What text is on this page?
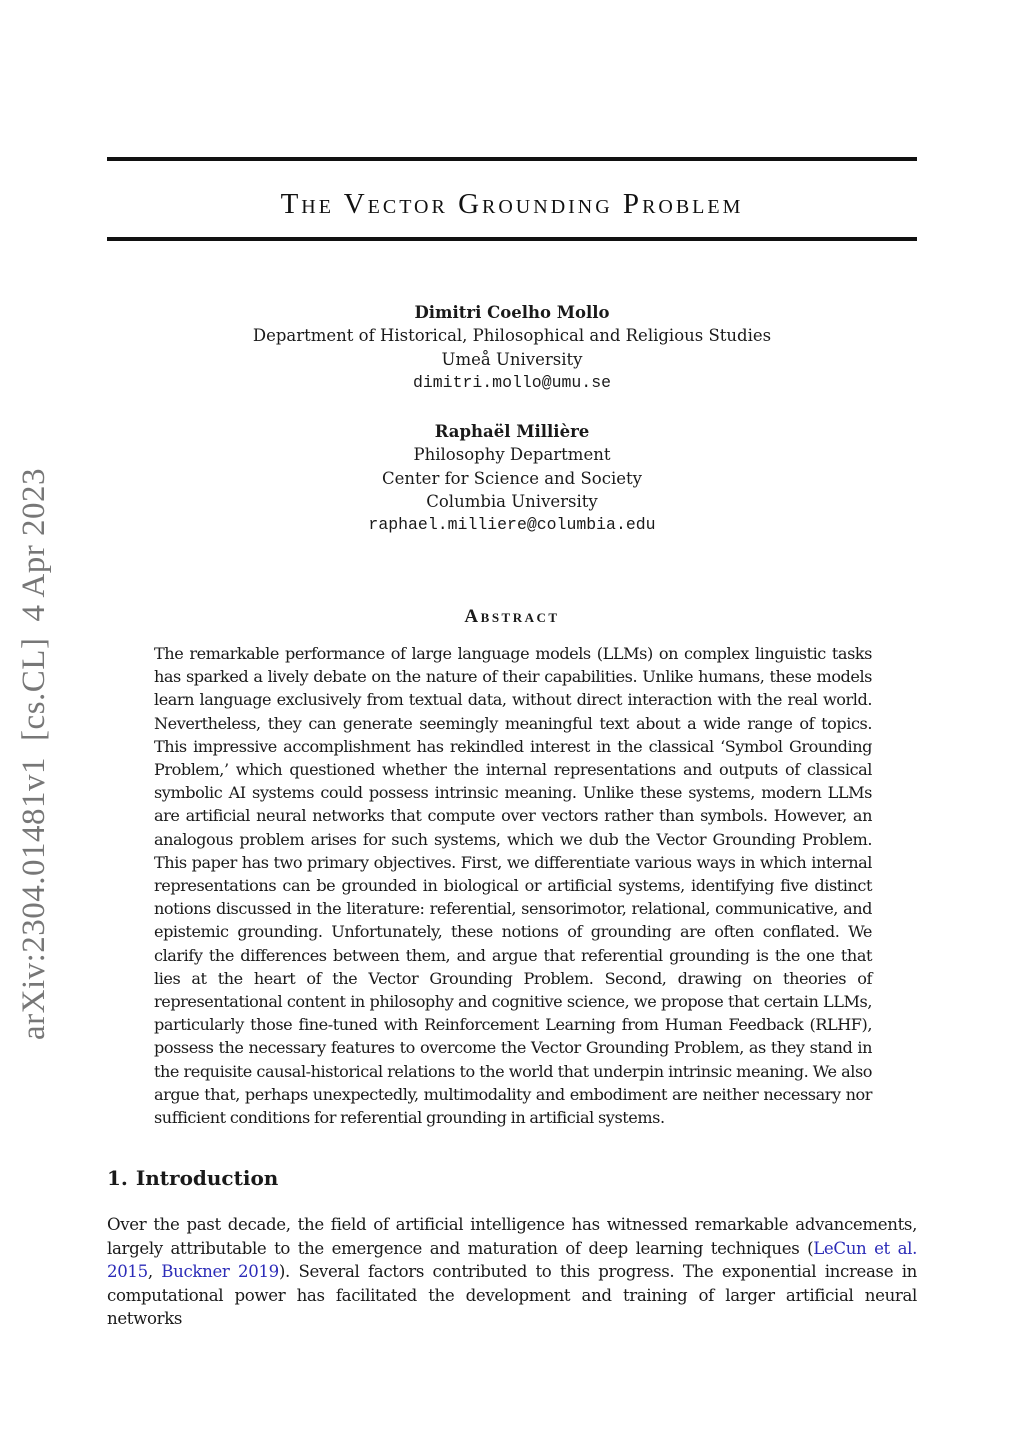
The Vector Grounding Problem
arXiv:2304.01481v1[cs.CL]4 Apr 2023
Dimitri Coelho Mollo
Department of Historical, Philosophical and Religious Studies
Umeå University
dimitri.mollo@umu.se
Raphaël Millière
Philosophy Department
Center for Science and Society
Columbia University
raphael.milliere@columbia.edu
Abstract

The remarkable performance of large language models (LLMs) on complex linguistic tasks has sparked a lively debate on the nature of their capabilities. Unlike humans, these models learn language exclusively from textual data, without direct interaction with the real world. Nevertheless, they can generate seemingly meaningful text about a wide range of topics. This impressive accomplishment has rekindled interest in the classical ‘Symbol Grounding Problem,’ which questioned whether the internal representations and outputs of classical symbolic AI systems could possess intrinsic meaning. Unlike these systems, modern LLMs are artificial neural networks that compute over vectors rather than symbols. However, an analogous problem arises for such systems, which we dub the Vector Grounding Problem. This paper has two primary objectives. First, we differentiate various ways in which internal representations can be grounded in biological or artificial systems, identifying five distinct notions discussed in the literature: referential, sensorimotor, relational, communicative, and epistemic grounding. Unfortunately, these notions of grounding are often conflated. We clarify the differences between them, and argue that referential grounding is the one that lies at the heart of the Vector Grounding Problem. Second, drawing on theories of representational content in philosophy and cognitive science, we propose that certain LLMs, particularly those fine-tuned with Reinforcement Learning from Human Feedback (RLHF), possess the necessary features to overcome the Vector Grounding Problem, as they stand in the requisite causal-historical relations to the world that underpin intrinsic meaning. We also argue that, perhaps unexpectedly, multimodality and embodiment are neither necessary nor sufficient conditions for referential grounding in artificial systems.

1. Introduction

Over the past decade, the field of artificial intelligence has witnessed remarkable advancements, largely attributable to the emergence and maturation of deep learning techniques (LeCun et al. 2015, Buckner 2019). Several factors contributed to this progress. The exponential increase in computational power has facilitated the development and training of larger artificial neural networks
